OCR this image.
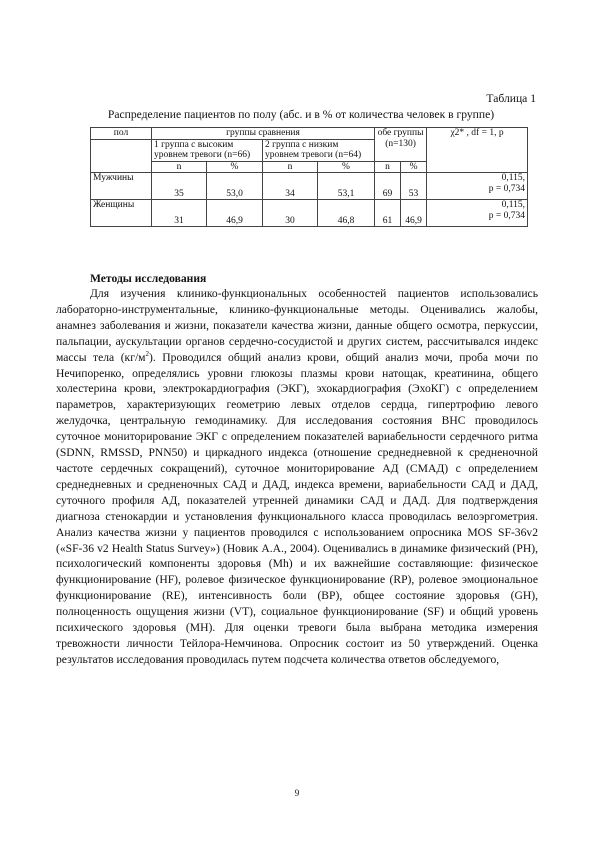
Таблица 1
Распределение пациентов по полу (абс. и в % от количества человек в группе)
пол	группы сравнения				обе группы (n=130)		χ2* , df = 1, p
	1 группа с высоким уровнем тревоги (n=66)		2 группа с низким уровнем тревоги (n=64)				
	n	%	n	%	n	%	
Мужчины	35	53,0	34	53,1	69	53	0,115,
p = 0,734

Женщины	31	46,9	30	46,8	61	46,9	0,115,
p = 0,734
Методы исследования

Для изучения клинико-функциональных особенностей пациентов использовались лабораторно-инструментальные, клинико-функциональные методы. Оценивались жалобы, анамнез заболевания и жизни, показатели качества жизни, данные общего осмотра, перкуссии, пальпации, аускультации органов сердечно-сосудистой и других систем, рассчитывался индекс массы тела $(кг/м^2)$. Проводился общий анализ крови, общий анализ мочи, проба мочи по Нечипоренко, определялись уровни глюкозы плазмы крови натощак, креатинина, общего холестерина крови, электрокардиография (ЭКГ), эхокардиография (ЭхоКГ) с определением параметров, характеризующих геометрию левых отделов сердца, гипертрофию левого желудочка, центральную гемодинамику. Для исследования состояния ВНС проводилось суточное мониторирование ЭКГ с определением показателей вариабельности сердечного ритма (SDNN, RMSSD, PNN50) и циркадного индекса (отношение среднедневной к средненочной частоте сердечных сокращений), суточное мониторирование АД (СМАД) с определением среднедневных и средненочных САД и ДАД, индекса времени, вариабельности САД и ДАД, суточного профиля АД, показателей утренней динамики САД и ДАД. Для подтверждения диагноза стенокардии и установления функционального класса проводилась велоэргометрия. Анализ качества жизни у пациентов проводился с использованием опросника MOS SF-36v2 («SF-36 v2 Health Status Survey») (Новик А.А., 2004). Оценивались в динамике физический (PH), психологический компоненты здоровья (Mh) и их важнейшие составляющие: физическое функционирование (HF), ролевое физическое функционирование (RP), ролевое эмоциональное функционирование (RE), интенсивность боли (BP), общее состояние здоровья (GH), полноценность ощущения жизни (VT), социальное функционирование (SF) и общий уровень психического здоровья (MH). Для оценки тревоги была выбрана методика измерения тревожности личности Тейлора-Немчинова. Опросник состоит из 50 утверждений. Оценка результатов исследования проводилась путем подсчета количества ответов обследуемого,

9
